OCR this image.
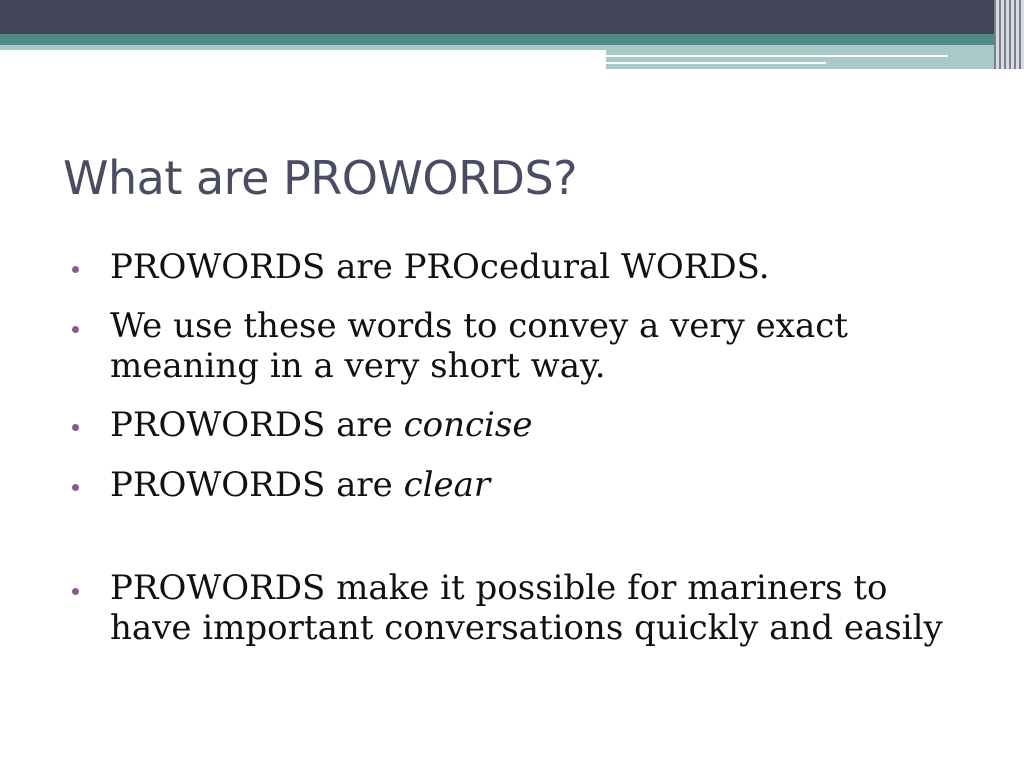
What are PROWORDS?
PROWORDS are PROcedural WORDS.
We use these words to convey a very exact meaning in a very short way.
PROWORDS are concise
PROWORDS are clear
PROWORDS make it possible for mariners to have important conversations quickly and easily
